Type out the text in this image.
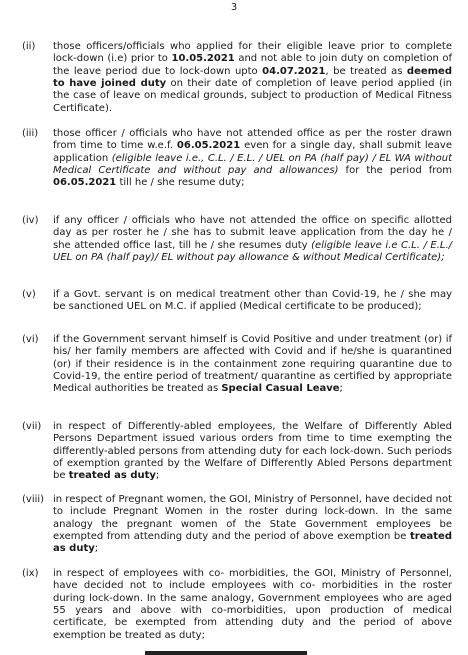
3
(ii) those officers/officials who applied for their eligible leave prior to complete lock-down (i.e) prior to 10.05.2021 and not able to join duty on completion of the leave period due to lock-down upto 04.07.2021, be treated as deemed to have joined duty on their date of completion of leave period applied (in the case of leave on medical grounds, subject to production of Medical Fitness Certificate).
(iii) those officer / officials who have not attended office as per the roster drawn from time to time w.e.f. 06.05.2021 even for a single day, shall submit leave application (eligible leave i.e., C.L. / E.L. / UEL on PA (half pay) / EL WA without Medical Certificate and without pay and allowances) for the period from 06.05.2021 till he / she resume duty;
(iv) if any officer / officials who have not attended the office on specific allotted day as per roster he / she has to submit leave application from the day he / she attended office last, till he / she resumes duty (eligible leave i.e C.L. / E.L./ UEL on PA (half pay)/ EL without pay allowance & without Medical Certificate);
(v) if a Govt. servant is on medical treatment other than Covid-19, he / she may be sanctioned UEL on M.C. if applied (Medical certificate to be produced);
(vi) if the Government servant himself is Covid Positive and under treatment (or) if his/ her family members are affected with Covid and if he/she is quarantined (or) if their residence is in the containment zone requiring quarantine due to Covid-19, the entire period of treatment/ quarantine as certified by appropriate Medical authorities be treated as Special Casual Leave;
(vii) in respect of Differently-abled employees, the Welfare of Differently Abled Persons Department issued various orders from time to time exempting the differently-abled persons from attending duty for each lock-down. Such periods of exemption granted by the Welfare of Differently Abled Persons department be treated as duty;
(viii) in respect of Pregnant women, the GOI, Ministry of Personnel, have decided not to include Pregnant Women in the roster during lock-down. In the same analogy the pregnant women of the State Government employees be exempted from attending duty and the period of above exemption be treated as duty;
(ix) in respect of employees with co- morbidities, the GOI, Ministry of Personnel, have decided not to include employees with co- morbidities in the roster during lock-down. In the same analogy, Government employees who are aged 55 years and above with co-morbidities, upon production of medical certificate, be exempted from attending duty and the period of above exemption be treated as duty;
